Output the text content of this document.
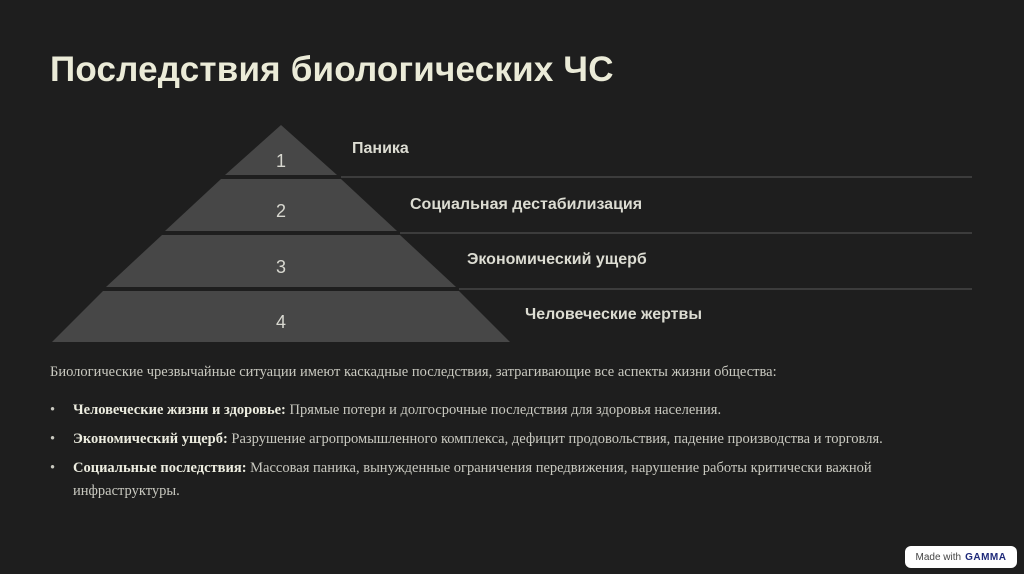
Последствия биологических ЧС
1
2
3
4
Паника
Социальная дестабилизация
Экономический ущерб
Человеческие жертвы

Биологические чрезвычайные ситуации имеют каскадные последствия, затрагивающие все аспекты жизни общества:

• Человеческие жизни и здоровье: Прямые потери и долгосрочные последствия для здоровья населения.
• Экономический ущерб: Разрушение агропромышленного комплекса, дефицит продовольствия, падение производства и торговля.
• Социальные последствия: Массовая паника, вынужденные ограничения передвижения, нарушение работы критически важной инфраструктуры.
Made with GAMMA
